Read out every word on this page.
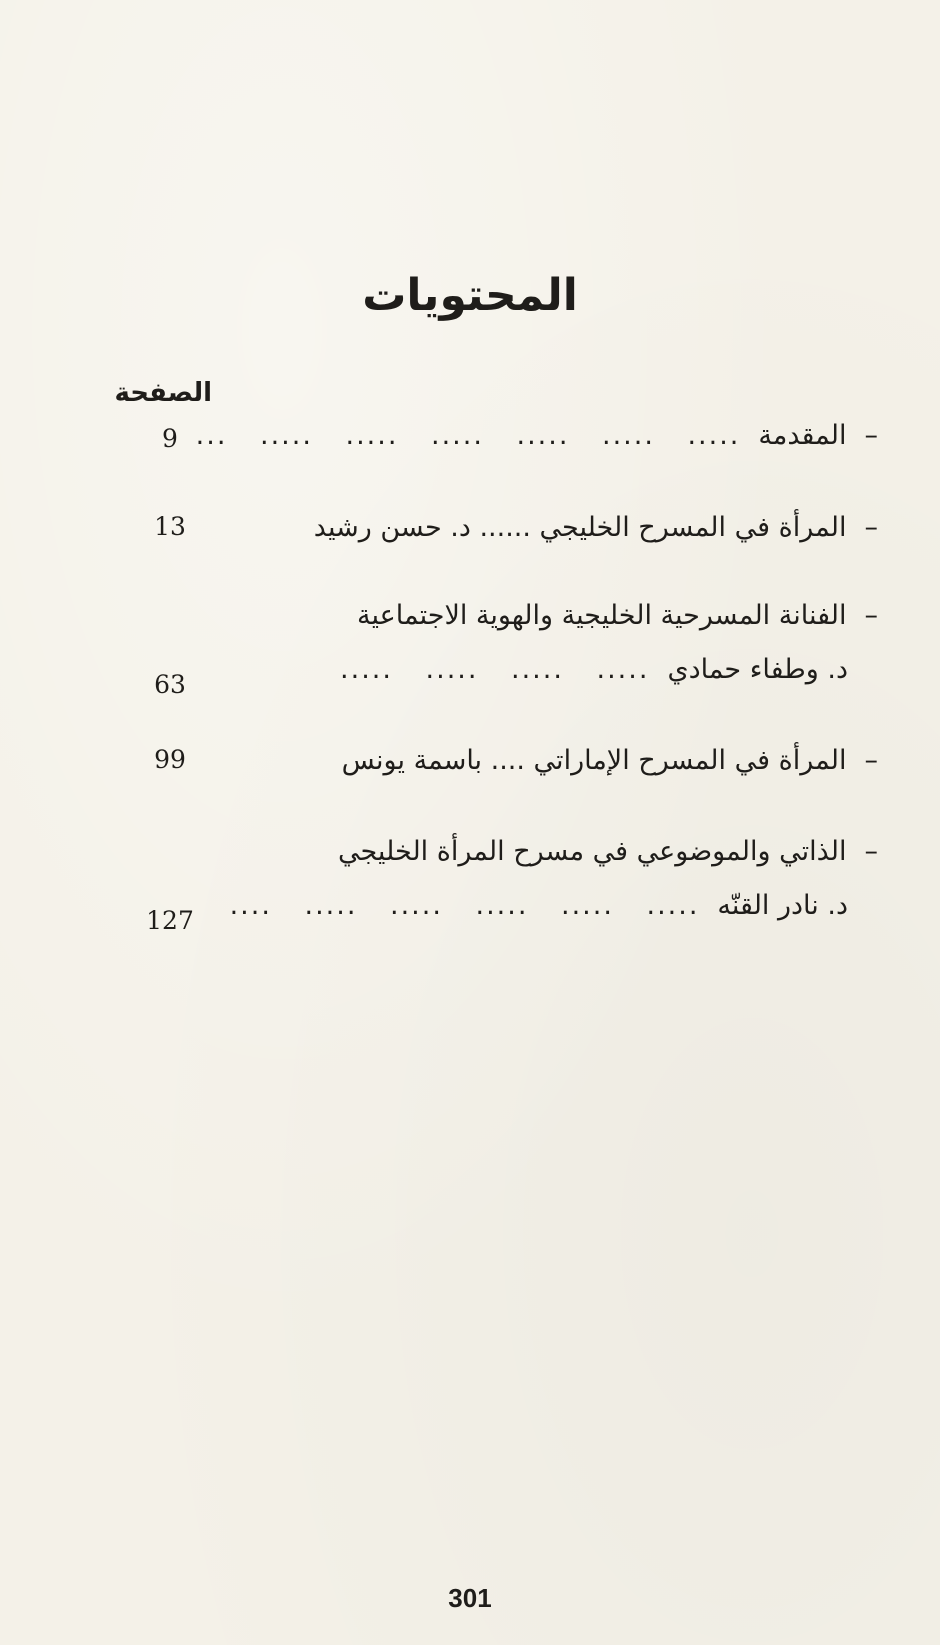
المحتويات
الصفحة
–المقدمة..... ..... ..... ..... ..... ..... ...
9
–المرأة في المسرح الخليجي ...... د. حسن رشيد
13
–الفنانة المسرحية الخليجية والهوية الاجتماعية
د. وطفاء حمادي..... ..... ..... .....
63
–المرأة في المسرح الإماراتي .... باسمة يونس
99
–الذاتي والموضوعي في مسرح المرأة الخليجي
د. نادر القنّه..... ..... ..... ..... ..... ....
127
301
